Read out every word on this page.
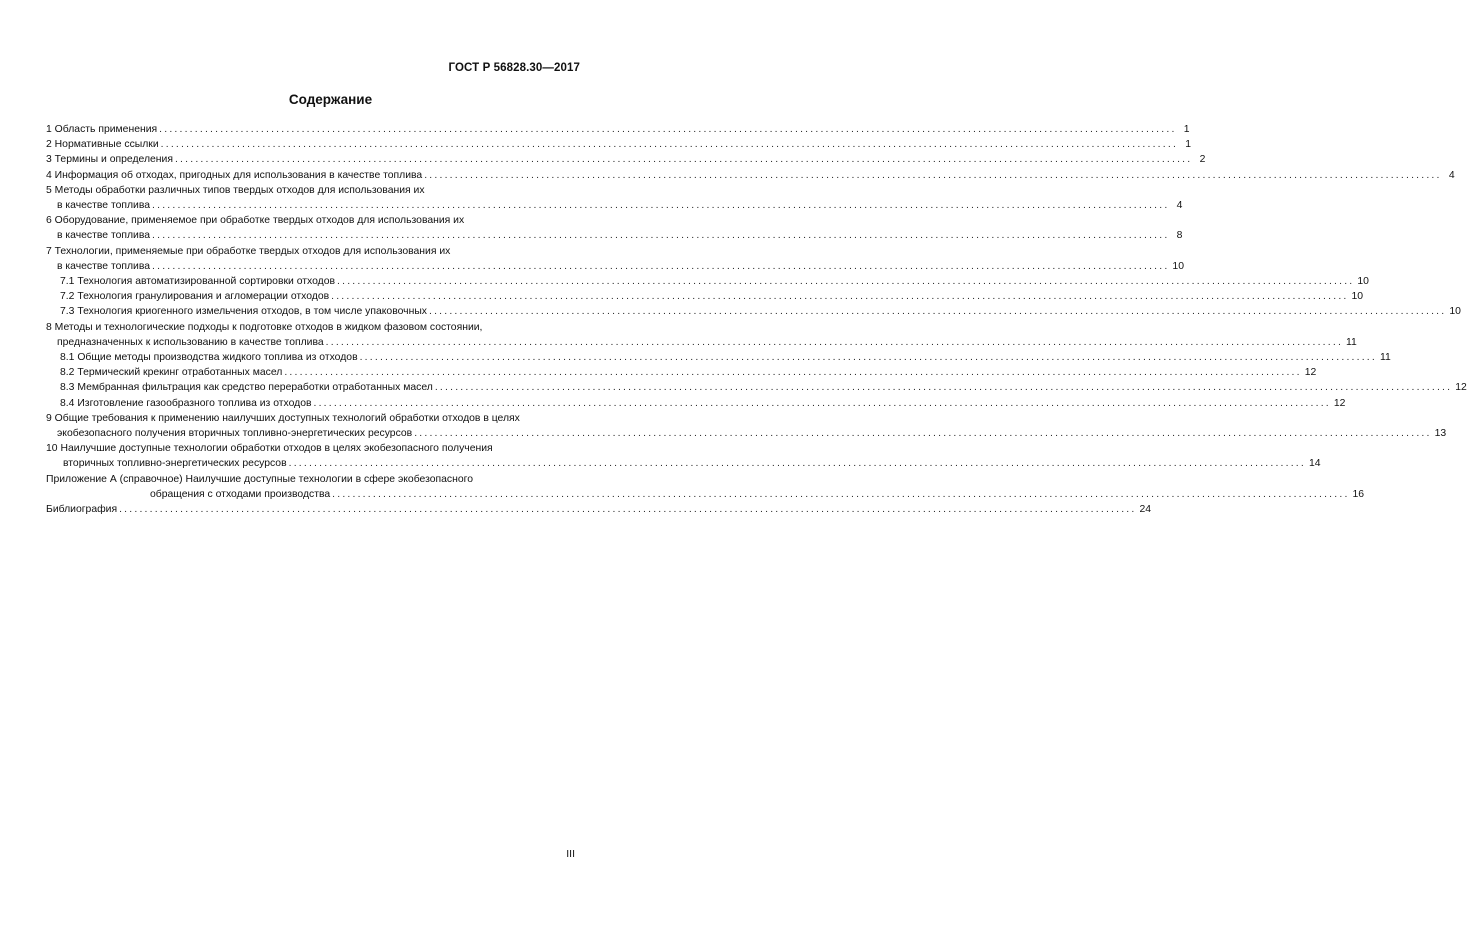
ГОСТ Р 56828.30—2017
Содержание
1 Область применения ........................................................................................................................................................................................................ 1
2 Нормативные ссылки ........................................................................................................................................................................................................ 1
3 Термины и определения ........................................................................................................................................................................................................ 2
4 Информация об отходах, пригодных для использования в качестве топлива ........................................................................................................................................................................................................ 4
5 Методы обработки различных типов твердых отходов для использования их
в качестве топлива ........................................................................................................................................................................................................ 4
6 Оборудование, применяемое при обработке твердых отходов для использования их
в качестве топлива ........................................................................................................................................................................................................ 8
7 Технологии, применяемые при обработке твердых отходов для использования их
в качестве топлива ........................................................................................................................................................................................................ 10
7.1 Технология автоматизированной сортировки отходов ........................................................................................................................................................................................................ 10
7.2 Технология гранулирования и агломерации отходов ........................................................................................................................................................................................................ 10
7.3 Технология криогенного измельчения отходов, в том числе упаковочных ........................................................................................................................................................................................................ 10
8 Методы и технологические подходы к подготовке отходов в жидком фазовом состоянии,
предназначенных к использованию в качестве топлива ........................................................................................................................................................................................................ 11
8.1 Общие методы производства жидкого топлива из отходов ........................................................................................................................................................................................................ 11
8.2 Термический крекинг отработанных масел ........................................................................................................................................................................................................ 12
8.3 Мембранная фильтрация как средство переработки отработанных масел ........................................................................................................................................................................................................ 12
8.4 Изготовление газообразного топлива из отходов ........................................................................................................................................................................................................ 12
9 Общие требования к применению наилучших доступных технологий обработки отходов в целях
экобезопасного получения вторичных топливно-энергетических ресурсов ........................................................................................................................................................................................................ 13
10 Наилучшие доступные технологии обработки отходов в целях экобезопасного получения
вторичных топливно-энергетических ресурсов ........................................................................................................................................................................................................ 14
Приложение А (справочное) Наилучшие доступные технологии в сфере экобезопасного
обращения с отходами производства ........................................................................................................................................................................................................ 16
Библиография ........................................................................................................................................................................................................ 24
III
